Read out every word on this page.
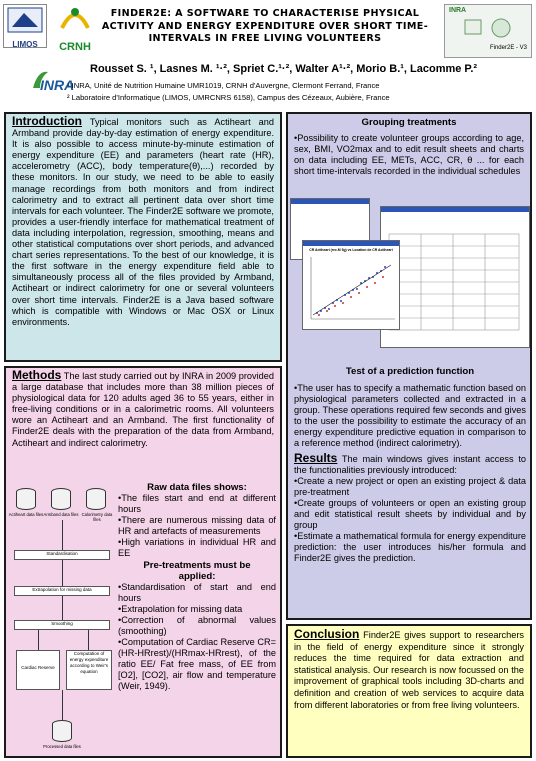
LIMOS	CRNH
FINDER2E: A SOFTWARE TO CHARACTERISE PHYSICAL
ACTIVITY AND ENERGY EXPENDITURE OVER SHORT TIME-
INTERVALS IN FREE LIVING VOLUNTEERS
INRA
Finder2E - V3
INRA
Rousset S. ¹, Lasnes M. ¹·², Spriet C.¹·², Walter A¹·², Morio B.¹, Lacomme P.²
¹ INRA, Unité de Nutrition Humaine UMR1019, CRNH d'Auvergne, Clermont Ferrand, France
² Laboratoire d'Informatique (LIMOS, UMRCNRS 6158), Campus des Cézeaux, Aubière, France
Introduction Typical monitors such as Actiheart and Armband provide day-by-day estimation of energy expenditure. It is also possible to access minute-by-minute estimation of energy expenditure (EE) and parameters (heart rate (HR), accelerometry (ACC), body temperature(θ),...) recorded by these monitors. In our study, we need to be able to easily manage recordings from both monitors and from indirect calorimetry and to extract all pertinent data over short time intervals for each volunteer. The Finder2E software we promote, provides a user-friendly interface for mathematical treatment of data including interpolation, regression, smoothing, means and other statistical computations over short periods, and advanced chart series representations. To the best of our knowledge, it is the first software in the energy expenditure field able to simultaneously process all of the files provided by Armband, Actiheart or indirect calorimetry for one or several volunteers over short time intervals. Finder2E is a Java based software which is compatible with Windows or Mac OSX or Linux environments.
Methods The last study carried out by INRA in 2009 provided a large database that includes more than 38 million pieces of physiological data for 120 adults aged 36 to 55 years, either in free-living conditions or in a calorimetric rooms. All volunteers wore an Actiheart and an Armband. The first functionality of Finder2E deals with the preparation of the data from Armband, Actiheart and indirect calorimetry.
Actiheart data files Armband data files Calorimetry data files
Standardisation
Extrapolation for missing data
Smoothing
Cardiac Reserve
Computation of energy expenditure according to Weir's equation
Processed data files
Raw data files shows:
• The files start and end at different hours
• There are numerous missing data of HR and artefacts of measurements
• High variations in individual HR and EE
Pre-treatments must be applied:
• Standardisation of start and end hours
• Extrapolation for missing data
• Correction of abnormal values (smoothing)
• Computation of Cardiac Reserve CR=(HR-HRrest)/(HRmax-HRrest), of the ratio EE/ Fat free mass, of EE from [O2], [CO2], air flow and temperature (Weir, 1949).
Grouping treatments
• Possibility to create volunteer groups according to age, sex, BMI, VO2max and to edit result sheets and charts on data including EE, METs, ACC, CR, θ ... for each short time-intervals recorded in the individual schedules
CR Actiheart (rec.M 5g) vs Location de CR Actiheart
Test of a prediction function
• The user has to specify a mathematic function based on physiological parameters collected and extracted in a group. These operations required few seconds and gives to the user the possibility to estimate the accuracy of an energy expenditure predictive equation in comparison to a reference method (indirect calorimetry).
Results The main windows gives instant access to the functionalities previously introduced:
• Create a new project or open an existing project & data pre-treatment
• Create groups of volunteers or open an existing group and edit statistical result sheets by individual and by group
• Estimate a mathematical formula for energy expenditure prediction: the user introduces his/her formula and Finder2E gives the prediction.
Conclusion Finder2E gives support to researchers in the field of energy expenditure since it strongly reduces the time required for data extraction and statistical analysis. Our research is now focussed on the improvement of graphical tools including 3D-charts and definition and creation of web services to acquire data from different laboratories or from free living volunteers.
